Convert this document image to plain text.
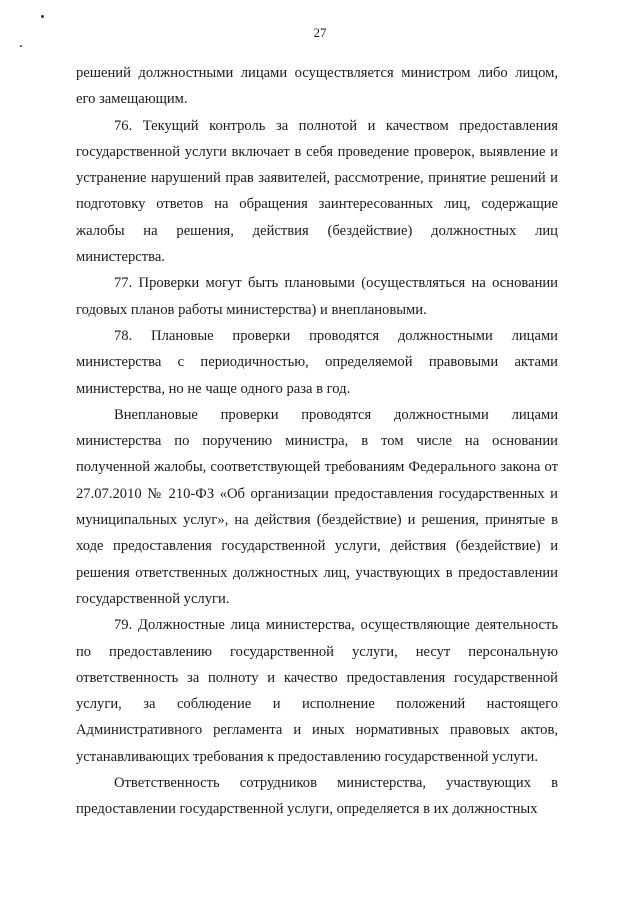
27

решений должностными лицами осуществляется министром либо лицом, его замещающим.

76. Текущий контроль за полнотой и качеством предоставления государственной услуги включает в себя проведение проверок, выявление и устранение нарушений прав заявителей, рассмотрение, принятие решений и подготовку ответов на обращения заинтересованных лиц, содержащие жалобы на решения, действия (бездействие) должностных лиц министерства.

77. Проверки могут быть плановыми (осуществляться на основании годовых планов работы министерства) и внеплановыми.

78. Плановые проверки проводятся должностными лицами министерства с периодичностью, определяемой правовыми актами министерства, но не чаще одного раза в год.

Внеплановые проверки проводятся должностными лицами министерства по поручению министра, в том числе на основании полученной жалобы, соответствующей требованиям Федерального закона от 27.07.2010 № 210-ФЗ «Об организации предоставления государственных и муниципальных услуг», на действия (бездействие) и решения, принятые в ходе предоставления государственной услуги, действия (бездействие) и решения ответственных должностных лиц, участвующих в предоставлении государственной услуги.

79. Должностные лица министерства, осуществляющие деятельность по предоставлению государственной услуги, несут персональную ответственность за полноту и качество предоставления государственной услуги, за соблюдение и исполнение положений настоящего Административного регламента и иных нормативных правовых актов, устанавливающих требования к предоставлению государственной услуги.

Ответственность сотрудников министерства, участвующих в предоставлении государственной услуги, определяется в их должностных
